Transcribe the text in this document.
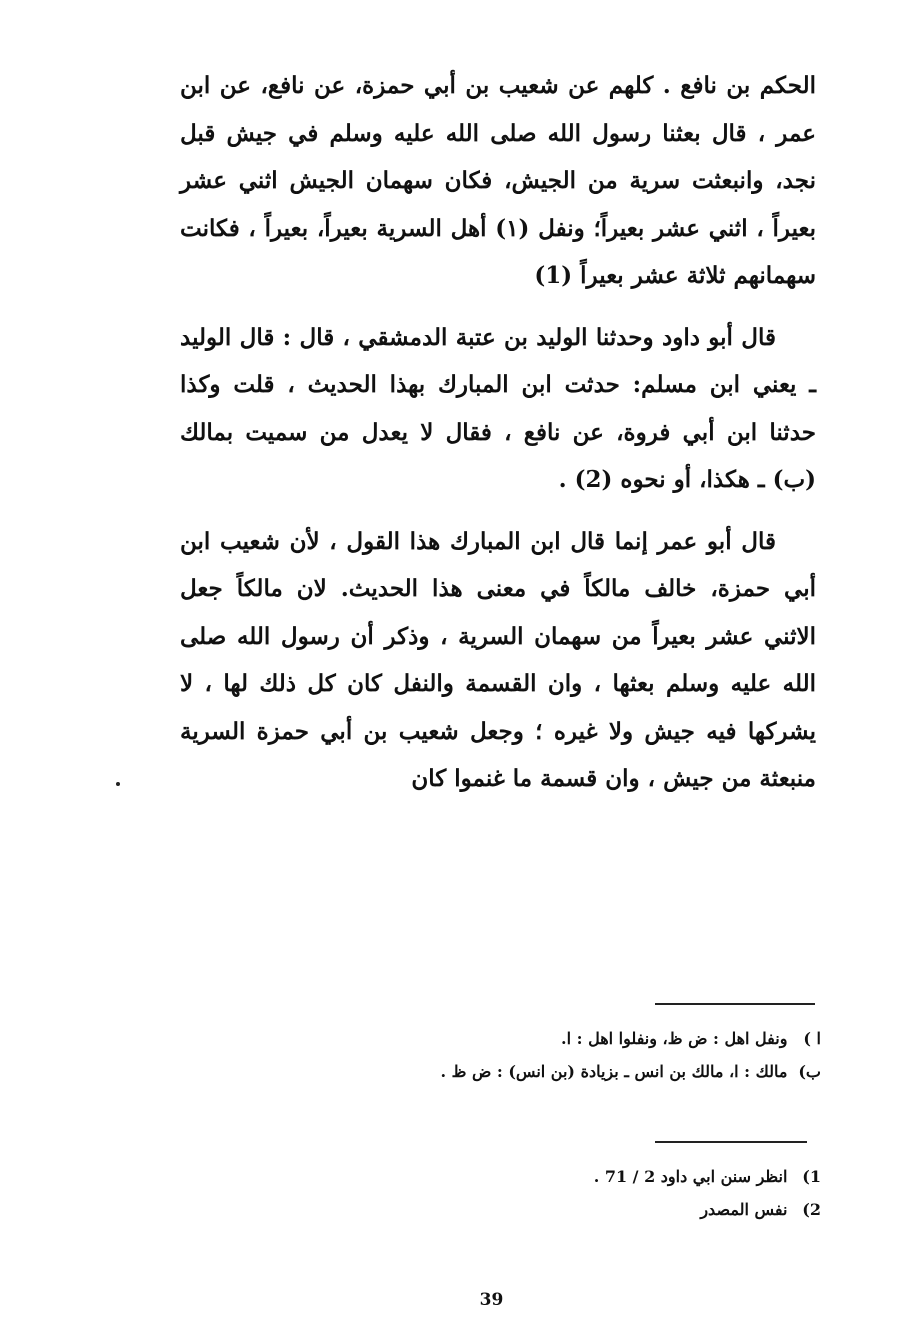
الحكم بن نافع . كلهم عن شعيب بن أبي حمزة، عن نافع، عن ابن عمر ، قال بعثنا رسول الله صلى الله عليه وسلم في جيش قبل نجد، وانبعثت سرية من الجيش، فكان سهمان الجيش اثني عشر بعيراً ، اثني عشر بعيراً؛ ونفل (١) أهل السرية بعيراً، بعيراً ، فكانت سهمانهم ثلاثة عشر بعيراً (1)

قال أبو داود وحدثنا الوليد بن عتبة الدمشقي ، قال : قال الوليد ـ يعني ابن مسلم: حدثت ابن المبارك بهذا الحديث ، قلت وكذا حدثنا ابن أبي فروة، عن نافع ، فقال لا يعدل من سميت بمالك (ب) ـ هكذا، أو نحوه (2) .

قال أبو عمر إنما قال ابن المبارك هذا القول ، لأن شعيب ابن أبي حمزة، خالف مالكاً في معنى هذا الحديث. لان مالكاً جعل الاثني عشر بعيراً من سهمان السرية ، وذكر أن رسول الله صلى الله عليه وسلم بعثها ، وان القسمة والنفل كان كل ذلك لها ، لا يشركها فيه جيش ولا غيره ؛ وجعل شعيب بن أبي حمزة السرية منبعثة من جيش ، وان قسمة ما غنموا كان

ا ) ونفل اهل : ض ظ، ونفلوا اهل : ا.
ب) مالك : ا، مالك بن انس ـ بزيادة (بن انس) : ض ظ .
1) انظر سنن ابي داود 2 / 71 .
2) نفس المصدر
39
